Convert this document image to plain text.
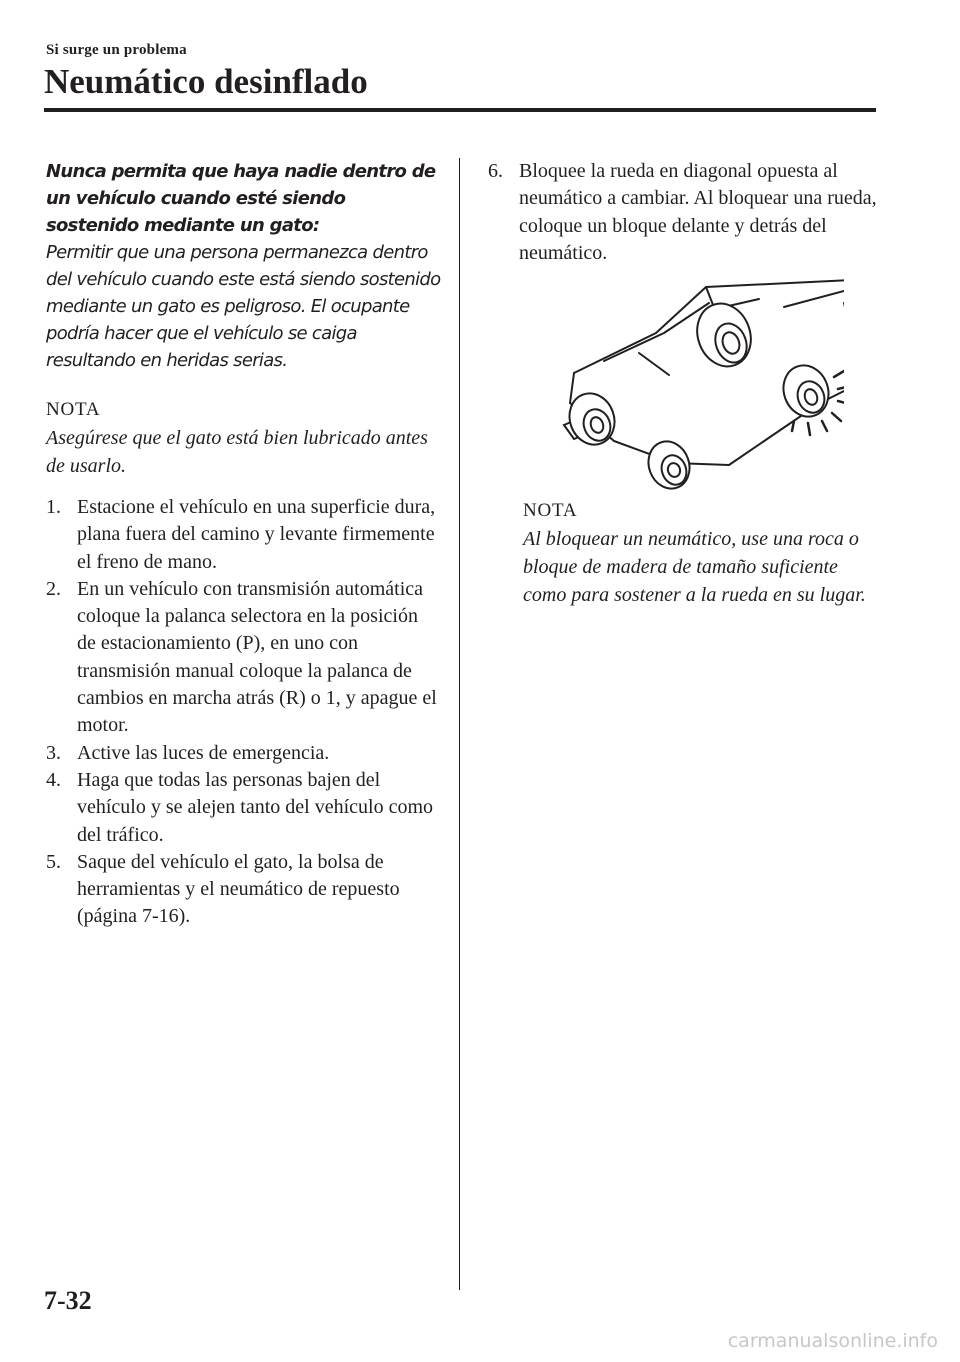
Si surge un problema
Neumático desinflado

Nunca permita que haya nadie dentro de un vehículo cuando esté siendo sostenido mediante un gato:

Permitir que una persona permanezca dentro del vehículo cuando este está siendo sostenido mediante un gato es peligroso. El ocupante podría hacer que el vehículo se caiga resultando en heridas serias.

NOTA

Asegúrese que el gato está bien lubricado antes de usarlo.

1. Estacione el vehículo en una superficie dura, plana fuera del camino y levante firmemente el freno de mano.
2. En un vehículo con transmisión automática coloque la palanca selectora en la posición de estacionamiento (P), en uno con transmisión manual coloque la palanca de cambios en marcha atrás (R) o 1, y apague el motor.
3. Active las luces de emergencia.
4. Haga que todas las personas bajen del vehículo y se alejen tanto del vehículo como del tráfico.
5. Saque del vehículo el gato, la bolsa de herramientas y el neumático de repuesto (página 7-16).
6. Bloquee la rueda en diagonal opuesta al neumático a cambiar. Al bloquear una rueda, coloque un bloque delante y detrás del neumático.

NOTA

Al bloquear un neumático, use una roca o bloque de madera de tamaño suficiente como para sostener a la rueda en su lugar.

7-32
carmanualsonline.info
